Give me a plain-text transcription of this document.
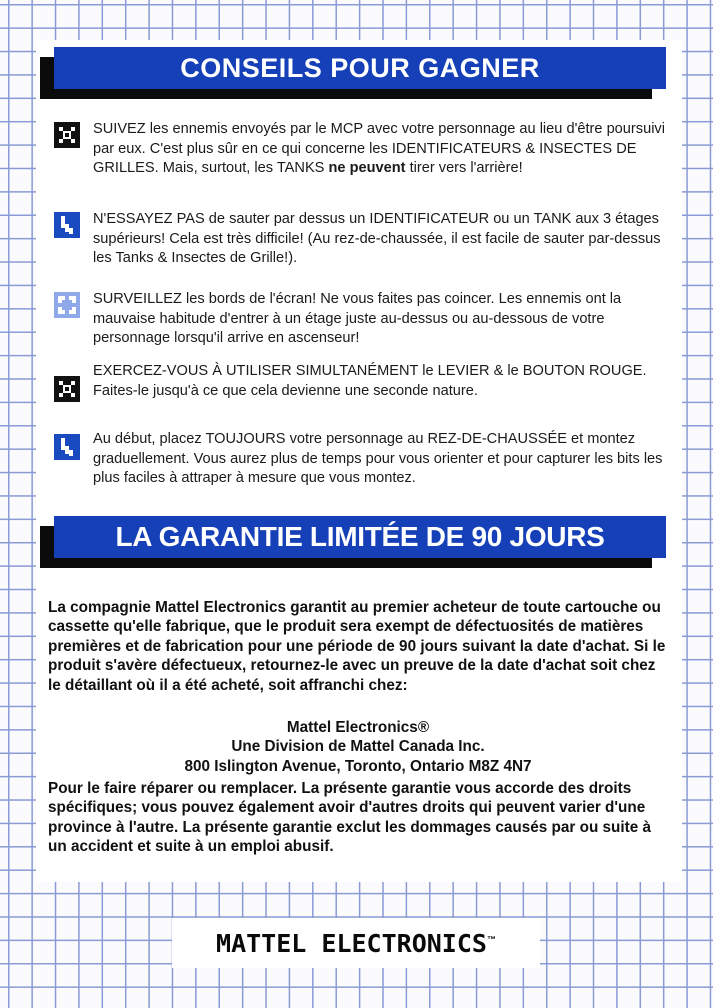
CONSEILS POUR GAGNER
SUIVEZ les ennemis envoyés par le MCP avec votre personnage au lieu d'être poursuivi par eux. C'est plus sûr en ce qui concerne les IDENTIFICATEURS & INSECTES DE GRILLES. Mais, surtout, les TANKS ne peuvent tirer vers l'arrière!
N'ESSAYEZ PAS de sauter par dessus un IDENTIFICATEUR ou un TANK aux 3 étages supérieurs! Cela est très difficile! (Au rez-de-chaussée, il est facile de sauter par-dessus les Tanks & Insectes de Grille!).
SURVEILLEZ les bords de l'écran! Ne vous faites pas coincer. Les ennemis ont la mauvaise habitude d'entrer à un étage juste au-dessus ou au-dessous de votre personnage lorsqu'il arrive en ascenseur!
EXERCEZ-VOUS À UTILISER SIMULTANÉMENT le LEVIER & le BOUTON ROUGE. Faites-le jusqu'à ce que cela devienne une seconde nature.
Au début, placez TOUJOURS votre personnage au REZ-DE-CHAUSSÉE et montez graduellement. Vous aurez plus de temps pour vous orienter et pour capturer les bits les plus faciles à attraper à mesure que vous montez.
LA GARANTIE LIMITÉE DE 90 JOURS
La compagnie Mattel Electronics garantit au premier acheteur de toute cartouche ou cassette qu'elle fabrique, que le produit sera exempt de défectuosités de matières premières et de fabrication pour une période de 90 jours suivant la date d'achat. Si le produit s'avère défectueux, retournez-le avec un preuve de la date d'achat soit chez le détaillant où il a été acheté, soit affranchi chez:
Mattel Electronics®
Une Division de Mattel Canada Inc.
800 Islington Avenue, Toronto, Ontario M8Z 4N7
Pour le faire réparer ou remplacer. La présente garantie vous accorde des droits spécifiques; vous pouvez également avoir d'autres droits qui peuvent varier d'une province à l'autre. La présente garantie exclut les dommages causés par ou suite à un accident et suite à un emploi abusif.
MATTEL ELECTRONICS™
